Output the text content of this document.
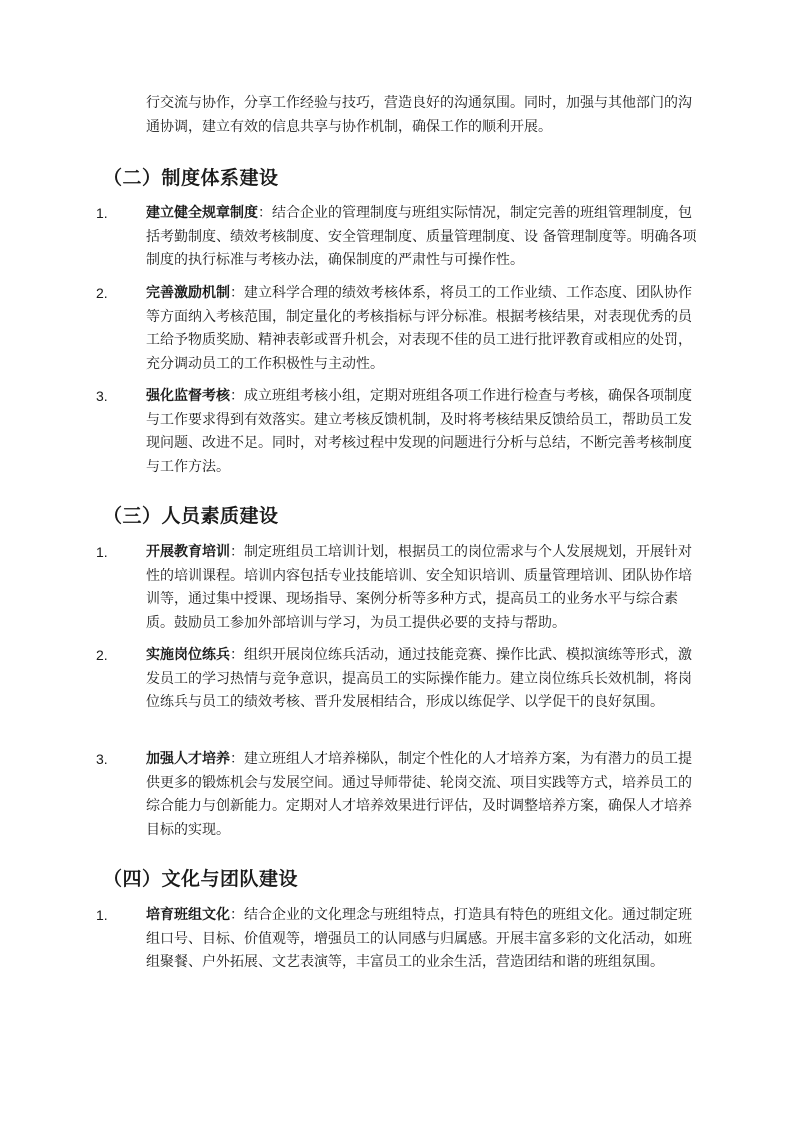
行交流与协作，分享工作经验与技巧，营造良好的沟通氛围。同时，加强与其他部门的沟通协调，建立有效的信息共享与协作机制，确保工作的顺利开展。

（二）制度体系建设
1.	建立健全规章制度：结合企业的管理制度与班组实际情况，制定完善的班组管理制度，包括考勤制度、绩效考核制度、安全管理制度、质量管理制度、设 备管理制度等。明确各项制度的执行标准与考核办法，确保制度的严肃性与可操作性。

2.	完善激励机制：建立科学合理的绩效考核体系，将员工的工作业绩、工作态度、团队协作等方面纳入考核范围，制定量化的考核指标与评分标准。根据考核结果，对表现优秀的员工给予物质奖励、精神表彰或晋升机会，对表现不佳的员工进行批评教育或相应的处罚，充分调动员工的工作积极性与主动性。

3.	强化监督考核：成立班组考核小组，定期对班组各项工作进行检查与考核，确保各项制度与工作要求得到有效落实。建立考核反馈机制，及时将考核结果反馈给员工，帮助员工发现问题、改进不足。同时，对考核过程中发现的问题进行分析与总结，不断完善考核制度与工作方法。

（三）人员素质建设
1.	开展教育培训：制定班组员工培训计划，根据员工的岗位需求与个人发展规划，开展针对性的培训课程。培训内容包括专业技能培训、安全知识培训、质量管理培训、团队协作培训等，通过集中授课、现场指导、案例分析等多种方式，提高员工的业务水平与综合素质。鼓励员工参加外部培训与学习，为员工提供必要的支持与帮助。

2.	实施岗位练兵：组织开展岗位练兵活动，通过技能竞赛、操作比武、模拟演练等形式，激发员工的学习热情与竞争意识，提高员工的实际操作能力。建立岗位练兵长效机制，将岗位练兵与员工的绩效考核、晋升发展相结合，形成以练促学、以学促干的良好氛围。

3.	加强人才培养：建立班组人才培养梯队，制定个性化的人才培养方案，为有潜力的员工提供更多的锻炼机会与发展空间。通过导师带徒、轮岗交流、项目实践等方式，培养员工的综合能力与创新能力。定期对人才培养效果进行评估，及时调整培养方案，确保人才培养目标的实现。

（四）文化与团队建设
1.	培育班组文化：结合企业的文化理念与班组特点，打造具有特色的班组文化。通过制定班组口号、目标、价值观等，增强员工的认同感与归属感。开展丰富多彩的文化活动，如班组聚餐、户外拓展、文艺表演等，丰富员工的业余生活，营造团结和谐的班组氛围。
